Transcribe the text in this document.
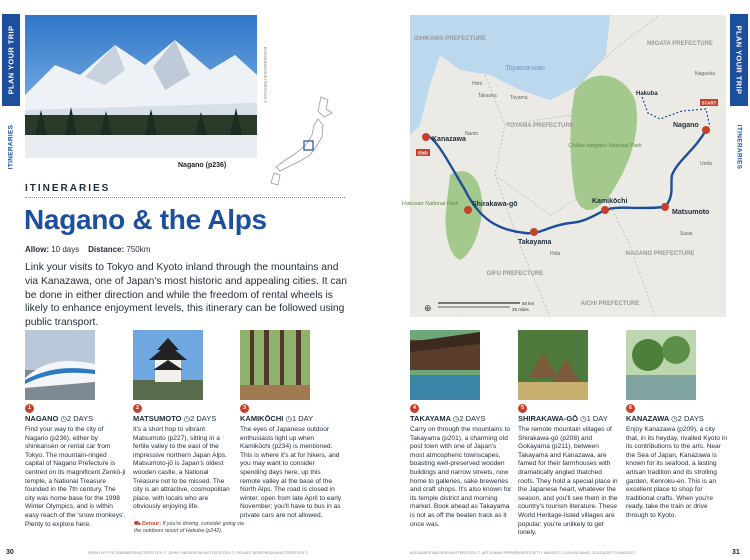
PLAN YOUR TRIP
ITINERARIES
ELVINCHONG/SHUTTERSTOCK ©
Nagano (p236)
ITINERARIES
Nagano & the Alps
Allow: 10 days Distance: 750km
Link your visits to Tokyo and Kyoto inland through the mountains and via Kanazawa, one of Japan's most historic and appealing cities. It can be done in either direction and while the freedom of rental wheels is likely to enhance enjoyment levels, this itinerary can be followed using public transport.
1
NAGANO ◷2 DAYS
Find your way to the city of Nagano (p236), either by shinkansen or rental car from Tokyo. The mountain-ringed capital of Nagano Prefecture is centred on its magnificent Zenkō-ji temple, a National Treasure founded in the 7th century. The city was home base for the 1998 Winter Olympics, and is within easy reach of the 'snow monkeys'. Plenty to explore here.
2
MATSUMOTO ◷2 DAYS
It's a short hop to vibrant Matsumoto (p227), sitting in a fertile valley to the east of the impressive northern Japan Alps. Matsumoto-jō is Japan's oldest wooden castle, a National Treasure not to be missed. The city is an attractive, cosmopolitan place, with locals who are obviously enjoying life.
⛟ Detour: If you're driving, consider going via the outdoors resort of Hakuba (p242).
3
KAMIKŌCHI ◷1 DAY
The eyes of Japanese outdoor enthusiasts light up when Kamikōchi (p234) is mentioned. This is where it's at for hikers, and you may want to consider spending days here, up this remote valley at the base of the North Alps. The road is closed in winter, open from late April to early November; you'll have to bus in as private cars are not allowed.
30	FROM LEFT: PIT-GRABBER/SHUTTERSTOCK ©, JOHN P ANDERSON/SHUTTERSTOCK ©, RICHART BOSEPHSON/SHUTTERSTOCK ©
PLAN YOUR TRIP
ITINERARIES
ISHIKAWA PREFECTURE
NIIGATA PREFECTURE
TOYAMA PREFECTURE
NAGANO PREFECTURE
GIFU PREFECTURE
AICHI PREFECTURE
Toyama-wan
Chūbu-sangaku National Park
Hakusan National Park
Toyama
Takaoka
Himi
Nanto
Nagaoka
Ueda
Suwa
Hida
Nagano
Matsumoto
Kamikōchi
Takayama
Shirakawa-gō
Kanazawa
Hakuba
START
END
⊕	50 km
25 miles
4
TAKAYAMA ◷2 DAYS
Carry on through the mountains to Takayama (p201), a charming old post town with one of Japan's most atmospheric townscapes, boasting well-preserved wooden buildings and narrow streets, now home to galleries, sake breweries and craft shops. It's also known for its temple district and morning market. Book ahead as Takayama is not as off the beaten track as it once was.
5
SHIRAKAWA-GŌ ◷1 DAY
The remote mountain villages of Shirakawa-gō (p208) and Gokayama (p211), between Takayama and Kanazawa, are famed for their farmhouses with dramatically angled thatched roofs. They hold a special place in the Japanese heart, whatever the season, and you'll see them in the country's tourism literature. These World Heritage-listed villages are popular; you're unlikely to get lonely.
6
KANAZAWA ◷2 DAYS
Enjoy Kanazawa (p209), a city that, in its heyday, rivalled Kyoto in its contributions to the arts. Near the Sea of Japan, Kanazawa is known for its seafood, a lasting artisan tradition and its strolling garden, Kenroku-en. This is an excellent place to shop for traditional crafts. When you're ready, take the train or drive through to Kyoto.
ALEXANDER MADSEN/SHUTTERSTOCK ©, ARTCHAMIN PREMPRASERT/GETTY IMAGES ©, CATALIN DANIEL CIOLCA/GETTY IMAGES ©	31
